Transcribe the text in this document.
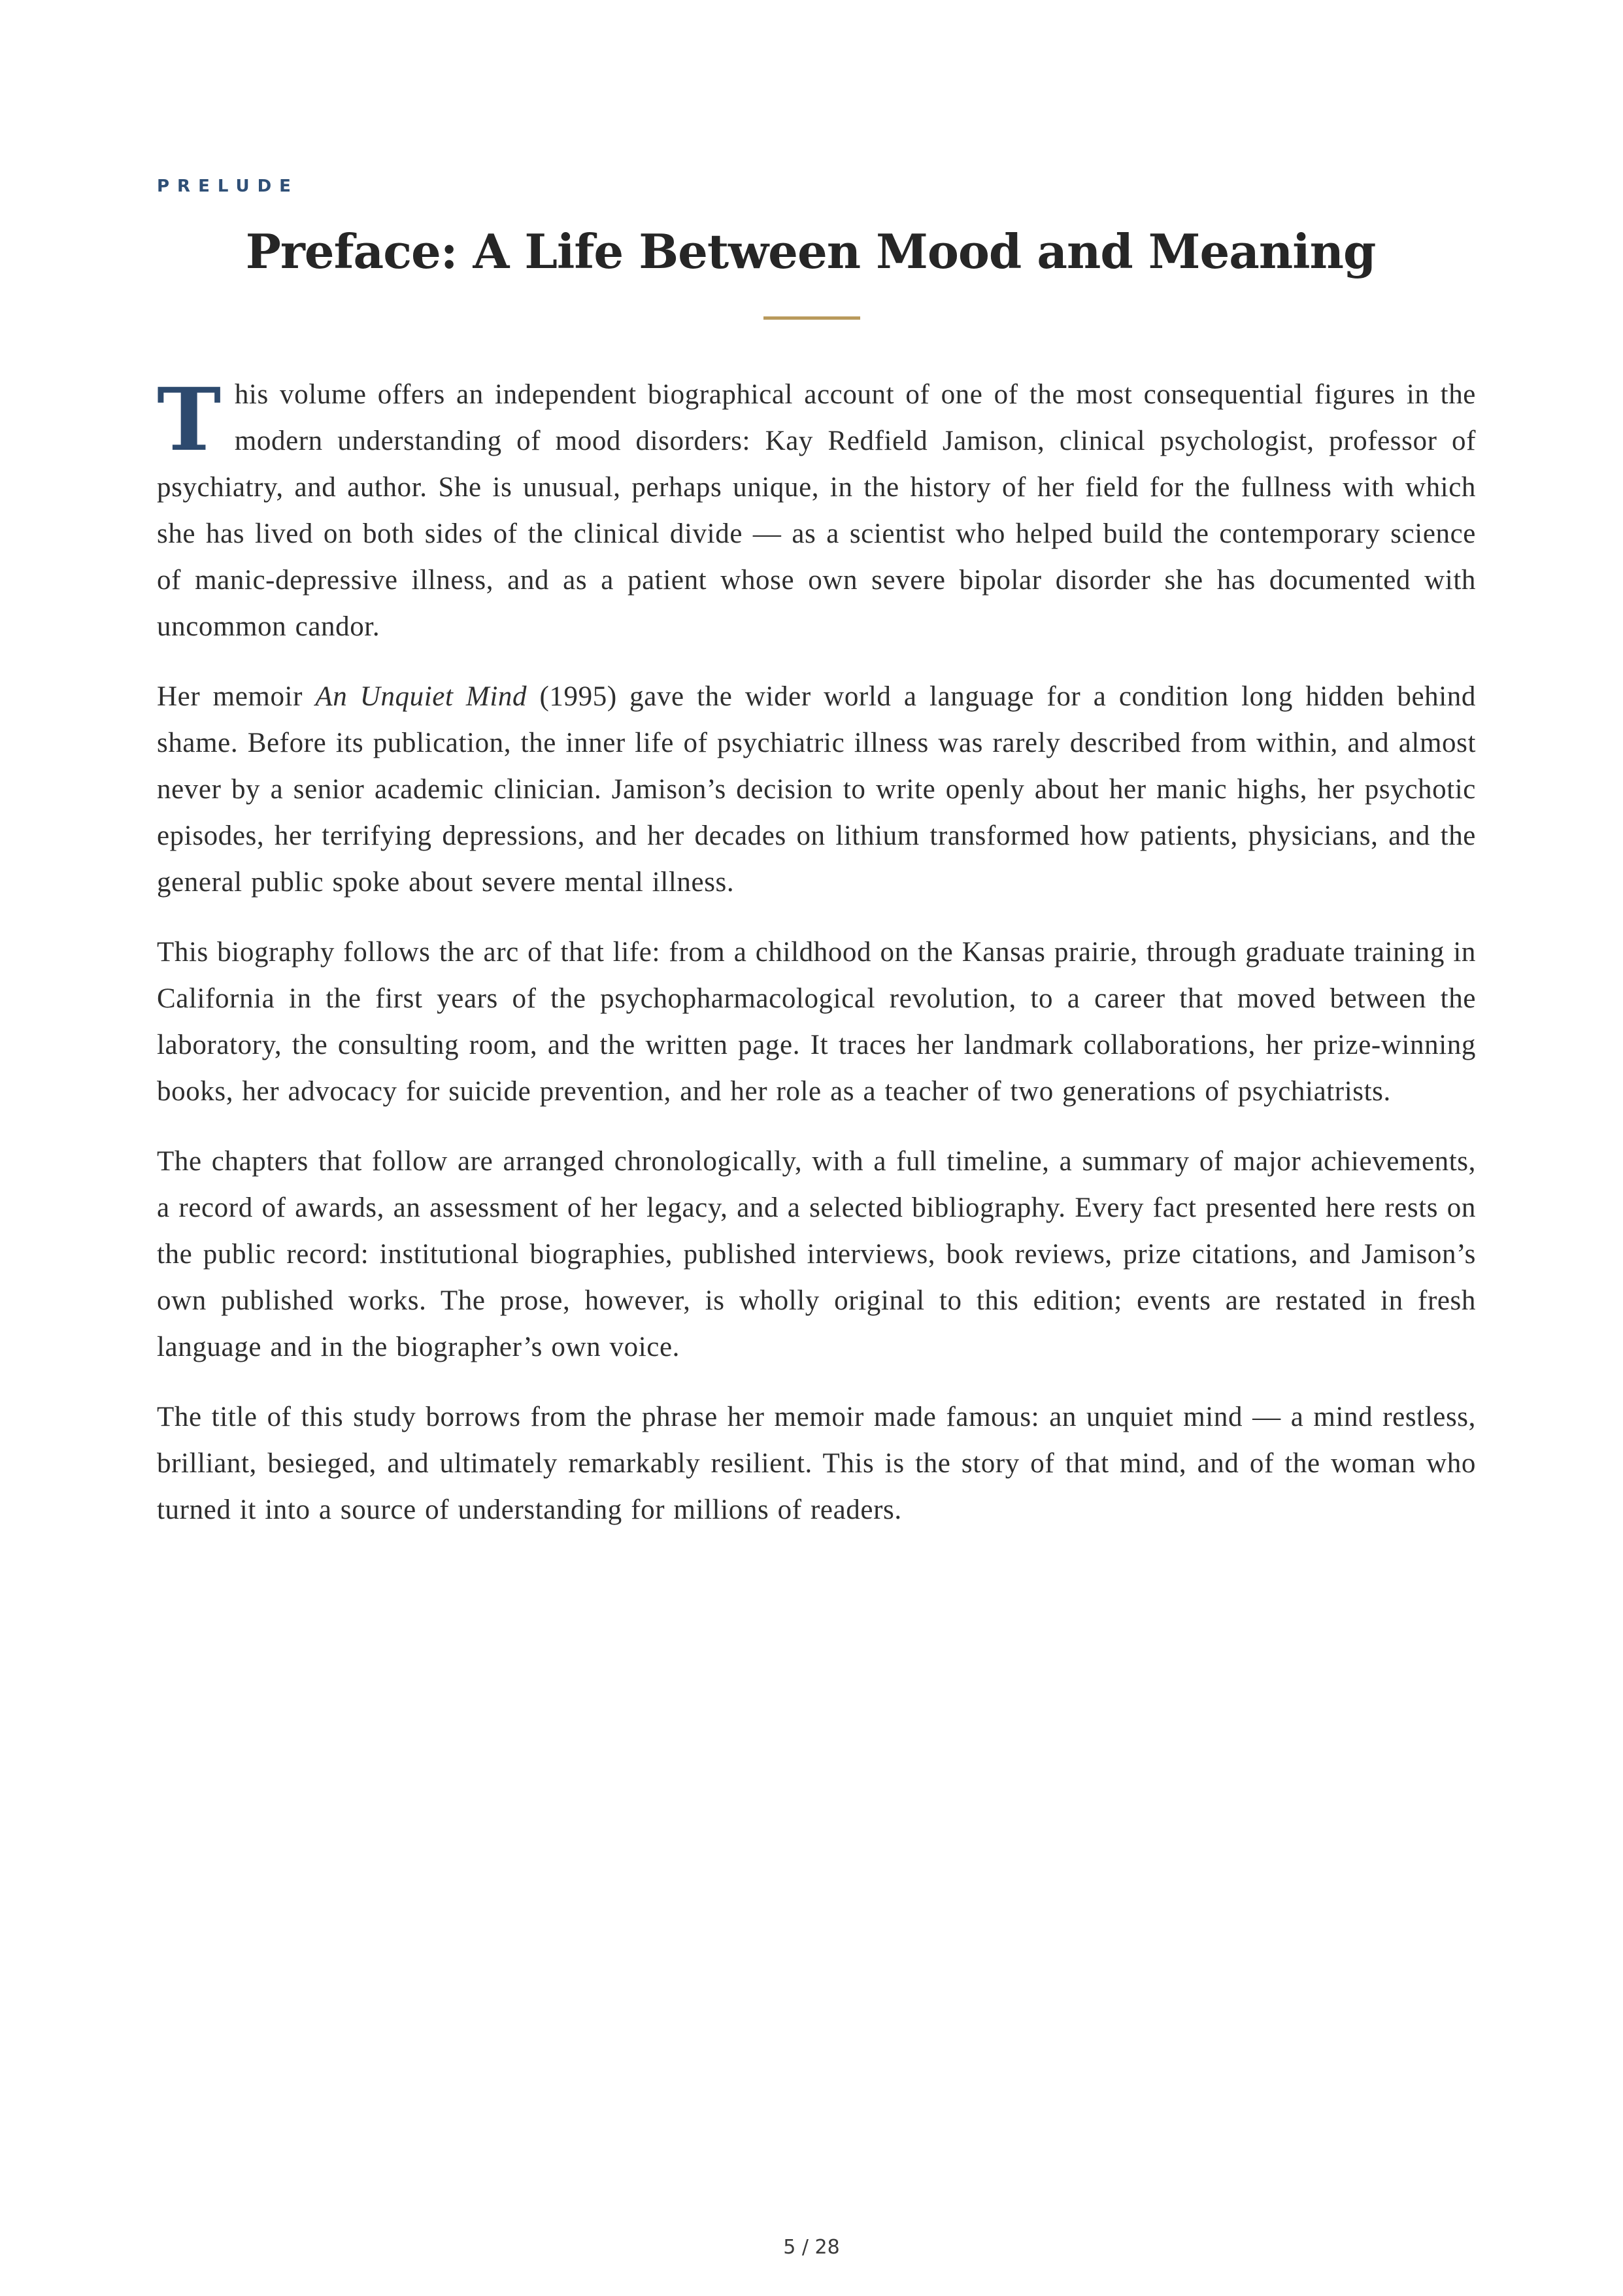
PRELUDE
Preface: A Life Between Mood and Meaning

This volume offers an independent biographical account of one of the most consequential figures in the modern understanding of mood disorders: Kay Redfield Jamison, clinical psychologist, professor of psychiatry, and author. She is unusual, perhaps unique, in the history of her field for the fullness with which she has lived on both sides of the clinical divide — as a scientist who helped build the contemporary science of manic-depressive illness, and as a patient whose own severe bipolar disorder she has documented with uncommon candor.

Her memoir An Unquiet Mind (1995) gave the wider world a language for a condition long hidden behind shame. Before its publication, the inner life of psychiatric illness was rarely described from within, and almost never by a senior academic clinician. Jamison’s decision to write openly about her manic highs, her psychotic episodes, her terrifying depressions, and her decades on lithium transformed how patients, physicians, and the general public spoke about severe mental illness.

This biography follows the arc of that life: from a childhood on the Kansas prairie, through graduate training in California in the first years of the psychopharmacological revolution, to a career that moved between the laboratory, the consulting room, and the written page. It traces her landmark collaborations, her prize-winning books, her advocacy for suicide prevention, and her role as a teacher of two generations of psychiatrists.

The chapters that follow are arranged chronologically, with a full timeline, a summary of major achievements, a record of awards, an assessment of her legacy, and a selected bibliography. Every fact presented here rests on the public record: institutional biographies, published interviews, book reviews, prize citations, and Jamison’s own published works. The prose, however, is wholly original to this edition; events are restated in fresh language and in the biographer’s own voice.

The title of this study borrows from the phrase her memoir made famous: an unquiet mind — a mind restless, brilliant, besieged, and ultimately remarkably resilient. This is the story of that mind, and of the woman who turned it into a source of understanding for millions of readers.

5 / 28
